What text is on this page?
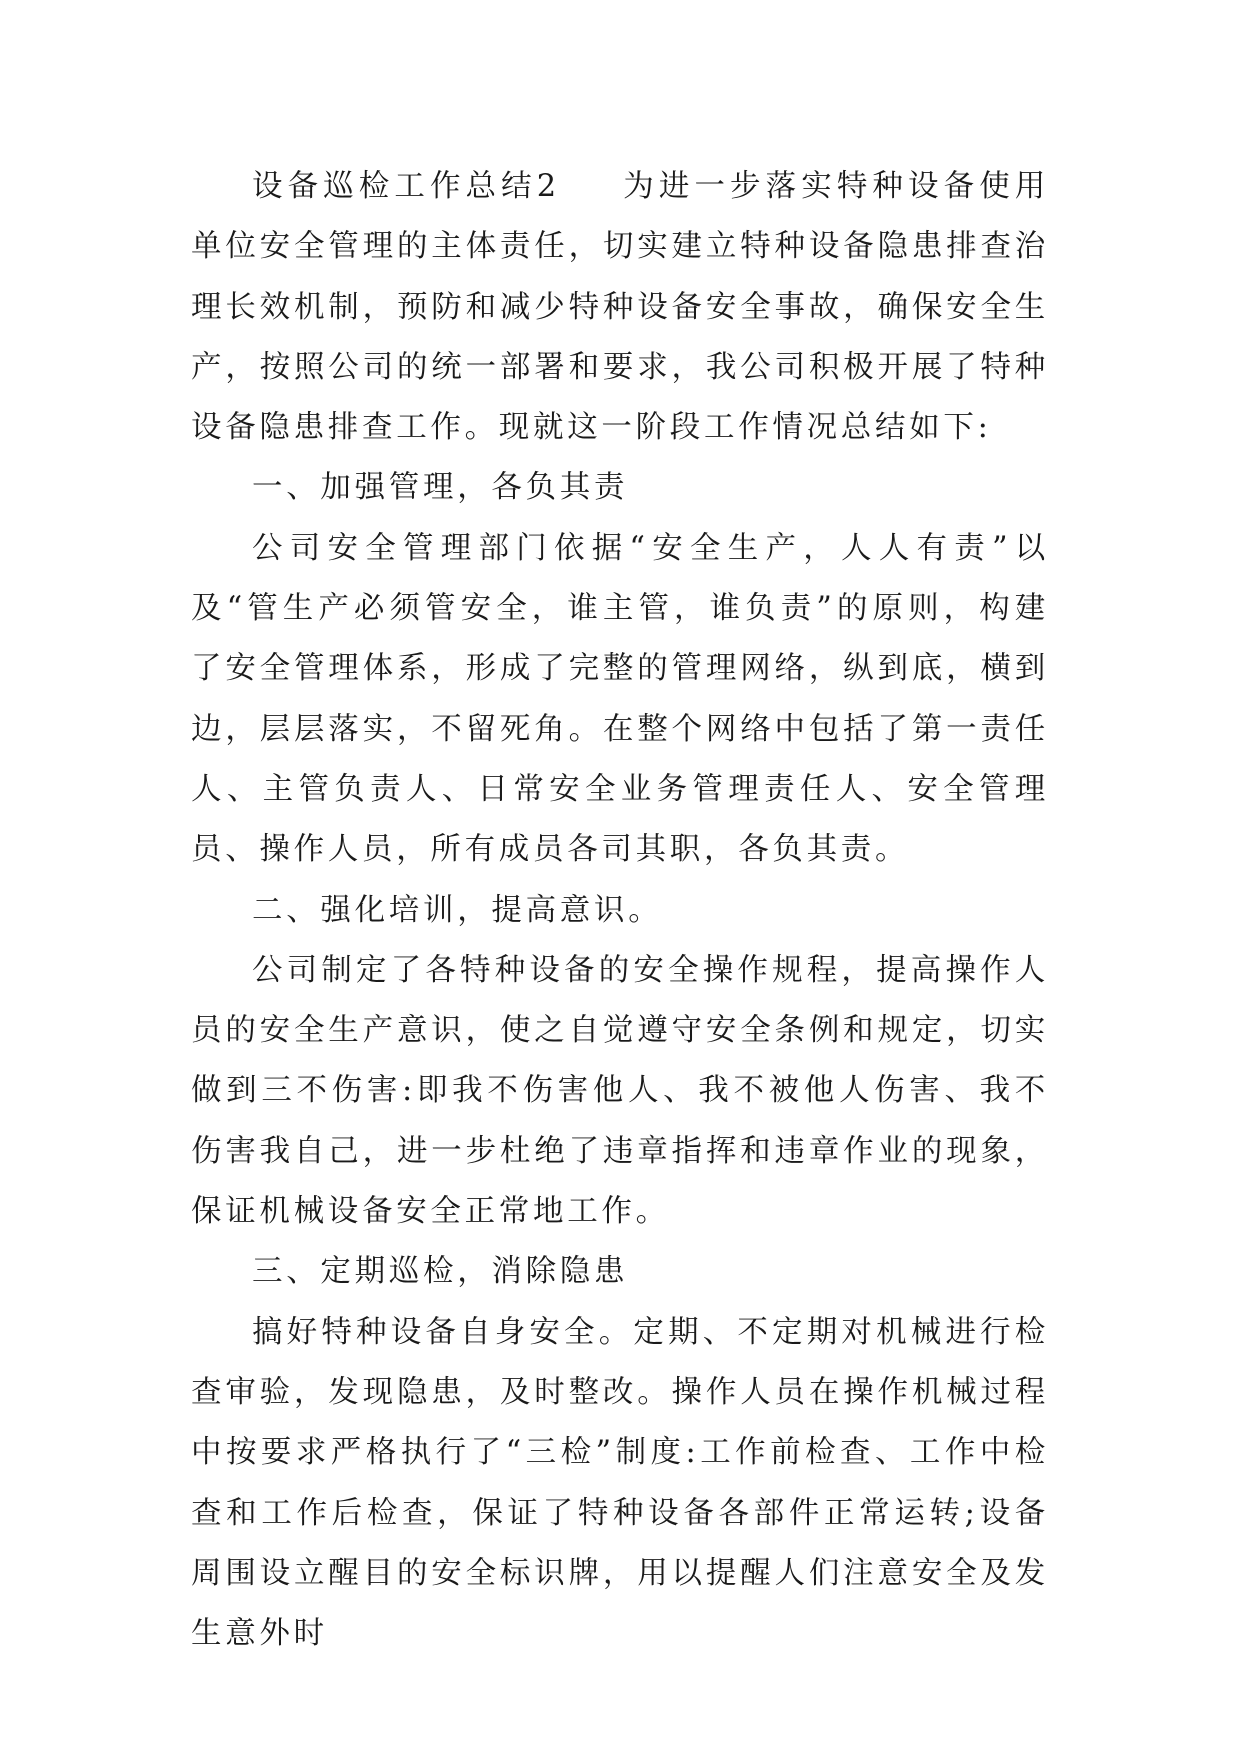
设备巡检工作总结2 为进一步落实特种设备使用单位安全管理的主体责任，切实建立特种设备隐患排查治理长效机制，预防和减少特种设备安全事故，确保安全生产，按照公司的统一部署和要求，我公司积极开展了特种设备隐患排查工作。现就这一阶段工作情况总结如下:

一、加强管理，各负其责

公司安全管理部门依据“安全生产，人人有责”以及“管生产必须管安全，谁主管，谁负责”的原则，构建了安全管理体系，形成了完整的管理网络，纵到底，横到边，层层落实，不留死角。在整个网络中包括了第一责任人、主管负责人、日常安全业务管理责任人、安全管理员、操作人员，所有成员各司其职，各负其责。

二、强化培训，提高意识。

公司制定了各特种设备的安全操作规程，提高操作人员的安全生产意识，使之自觉遵守安全条例和规定，切实做到三不伤害:即我不伤害他人、我不被他人伤害、我不伤害我自己，进一步杜绝了违章指挥和违章作业的现象，保证机械设备安全正常地工作。

三、定期巡检，消除隐患

搞好特种设备自身安全。定期、不定期对机械进行检查审验，发现隐患，及时整改。操作人员在操作机械过程中按要求严格执行了“三检”制度:工作前检查、工作中检查和工作后检查，保证了特种设备各部件正常运转;设备周围设立醒目的安全标识牌，用以提醒人们注意安全及发生意外时
